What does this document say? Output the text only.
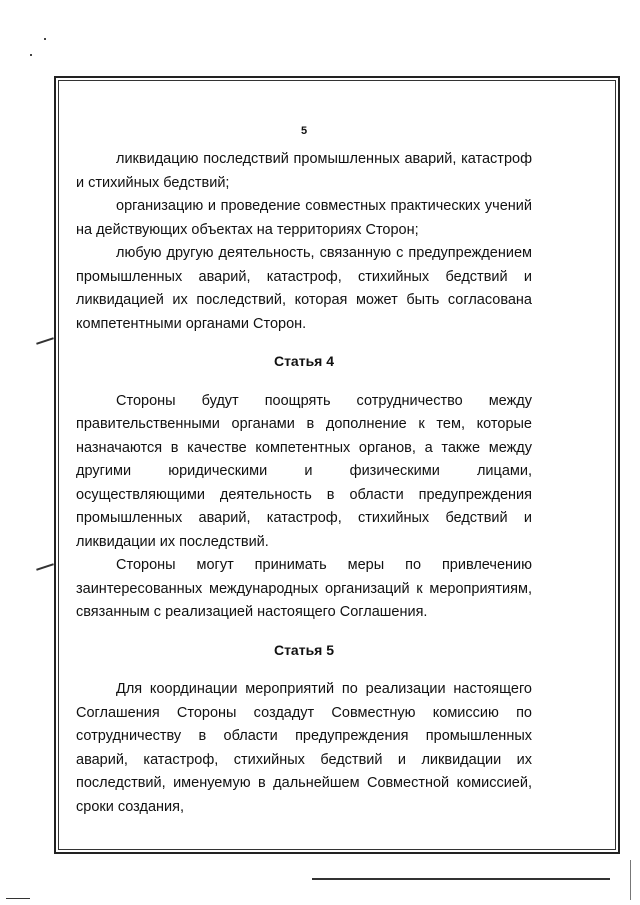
5

ликвидацию последствий промышленных аварий, катастроф и стихийных бедствий;

организацию и проведение совместных практических учений на действующих объектах на территориях Сторон;

любую другую деятельность, связанную с предупреждением промышленных аварий, катастроф, стихийных бедствий и ликвидацией их последствий, которая может быть согласована компетентными органами Сторон.

Статья 4

Стороны будут поощрять сотрудничество между правительственными органами в дополнение к тем, которые назначаются в качестве компетентных органов, а также между другими юридическими и физическими лицами, осуществляющими деятельность в области предупреждения промышленных аварий, катастроф, стихийных бедствий и ликвидации их последствий.

Стороны могут принимать меры по привлечению заинтересованных международных организаций к мероприятиям, связанным с реализацией настоящего Соглашения.

Статья 5

Для координации мероприятий по реализации настоящего Соглашения Стороны создадут Совместную комиссию по сотрудничеству в области предупреждения промышленных аварий, катастроф, стихийных бедствий и ликвидации их последствий, именуемую в дальнейшем Совместной комиссией, сроки создания,
